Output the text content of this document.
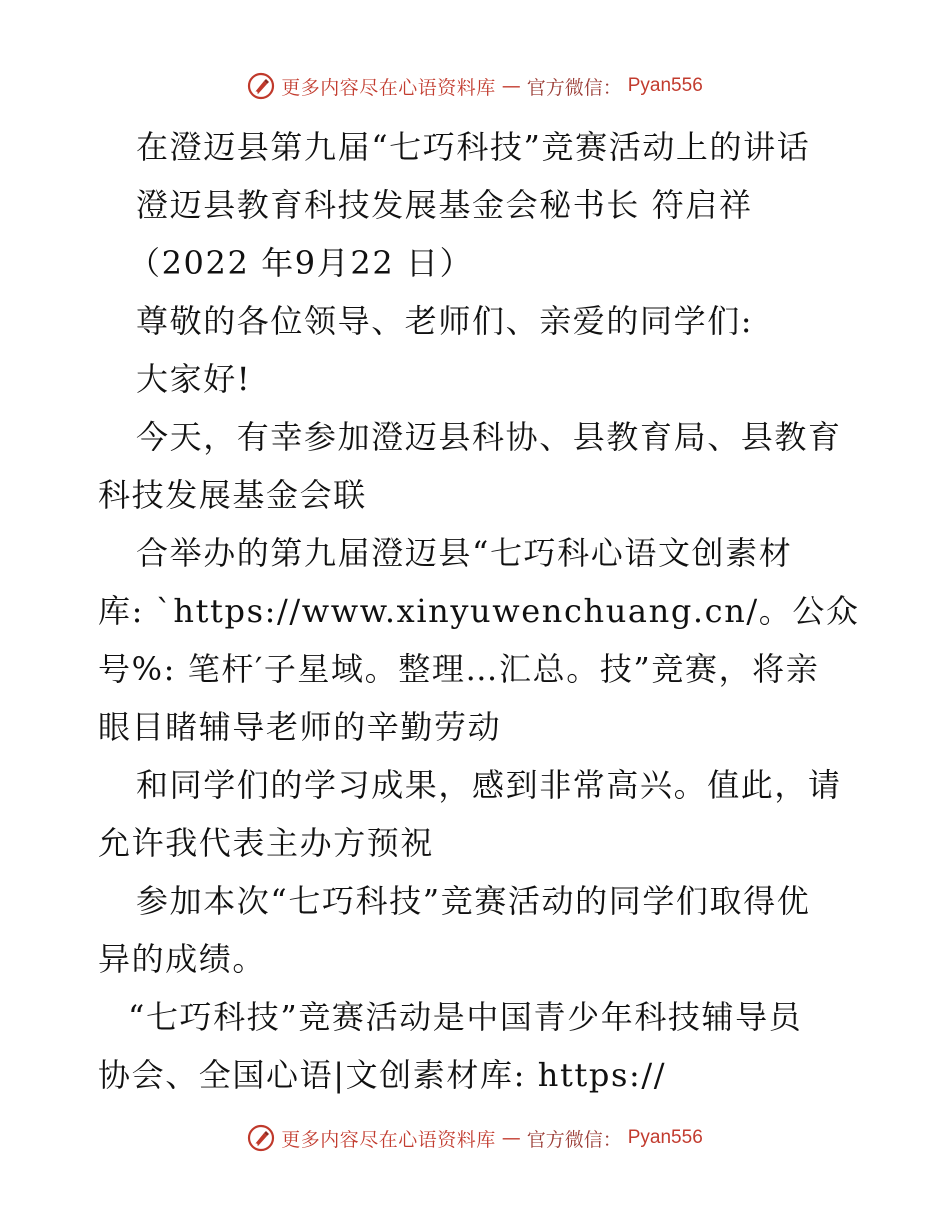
更多内容尽在心语资料库 — 官方微信： Pyan556

在澄迈县第九届“七巧科技”竞赛活动上的讲话

澄迈县教育科技发展基金会秘书长 符启祥

（2022 年9月22 日）

尊敬的各位领导、老师们、亲爱的同学们:

大家好!

今天，有幸参加澄迈县科协、县教育局、县教育

科技发展基金会联

合举办的第九届澄迈县“七巧科心语文创素材

库: `https://www.xinyuwenchuang.cn/。公众

号%: 笔杆′子星域。整理…汇总。技”竞赛，将亲

眼目睹辅导老师的辛勤劳动

和同学们的学习成果，感到非常高兴。值此，请

允许我代表主办方预祝

参加本次“七巧科技”竞赛活动的同学们取得优

异的成绩。

“七巧科技”竞赛活动是中国青少年科技辅导员

协会、全国心语|文创素材库: https://

更多内容尽在心语资料库 — 官方微信： Pyan556
